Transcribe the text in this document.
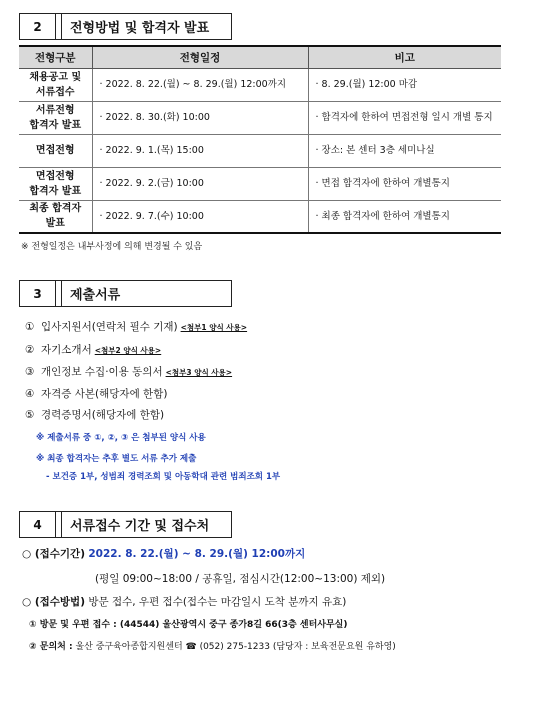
2	전형방법 및 합격자 발표
전형구분	전형일정	비고
채용공고 및
서류접수	· 2022. 8. 22.(월) ~ 8. 29.(월) 12:00까지	· 8. 29.(월) 12:00 마감
서류전형
합격자 발표	· 2022. 8. 30.(화) 10:00	· 합격자에 한하여 면접전형 일시 개별 통지
면접전형	· 2022. 9. 1.(목) 15:00	· 장소: 본 센터 3층 세미나실
면접전형
합격자 발표	· 2022. 9. 2.(금) 10:00	· 면접 합격자에 한하여 개별통지
최종 합격자
발표	· 2022. 9. 7.(수) 10:00	· 최종 합격자에 한하여 개별통지
※ 전형일정은 내부사정에 의해 변경될 수 있음
3	제출서류
① 입사지원서(연락처 필수 기재) <첨부1 양식 사용>
② 자기소개서 <첨부2 양식 사용>
③ 개인정보 수집·이용 동의서 <첨부3 양식 사용>
④ 자격증 사본(해당자에 한함)
⑤ 경력증명서(해당자에 한함)
※ 제출서류 중 ①, ②, ③ 은 첨부된 양식 사용
※ 최종 합격자는 추후 별도 서류 추가 제출
- 보건증 1부, 성범죄 경력조회 및 아동학대 관련 범죄조회 1부
4	서류접수 기간 및 접수처
○ (접수기간) 2022. 8. 22.(월) ~ 8. 29.(월) 12:00까지
(평일 09:00~18:00 / 공휴일, 점심시간(12:00~13:00) 제외)
○ (접수방법) 방문 접수, 우편 접수(접수는 마감일시 도착 분까지 유효)
① 방문 및 우편 접수 : (44544) 울산광역시 중구 종가8길 66(3층 센터사무실)
② 문의처 : 울산 중구육아종합지원센터 ☎ (052) 275-1233 (담당자 : 보육전문요원 유하영)
